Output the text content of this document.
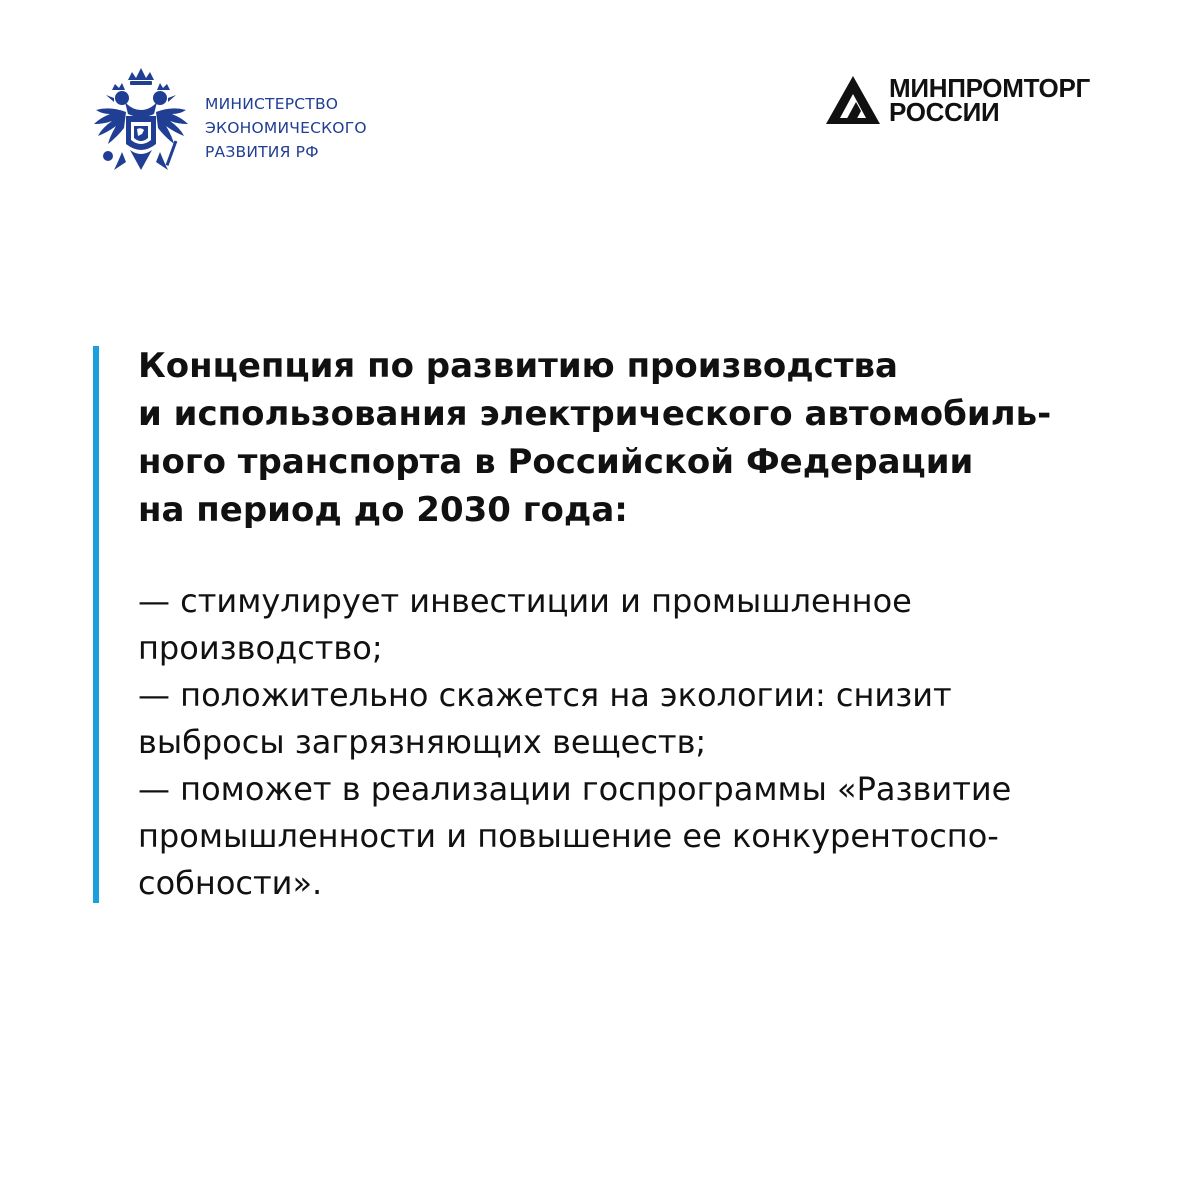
МИНИСТЕРСТВО
ЭКОНОМИЧЕСКОГО
РАЗВИТИЯ РФ
МИНПРОМТОРГ
РОССИИ
Концепция по развитию производства
и использования электрического автомобиль-
ного транспорта в Российской Федерации
на период до 2030 года:
— стимулирует инвестиции и промышленное
производство;
— положительно скажется на экологии: снизит
выбросы загрязняющих веществ;
— поможет в реализации госпрограммы «Развитие
промышленности и повышение ее конкурентоспо-
собности».
